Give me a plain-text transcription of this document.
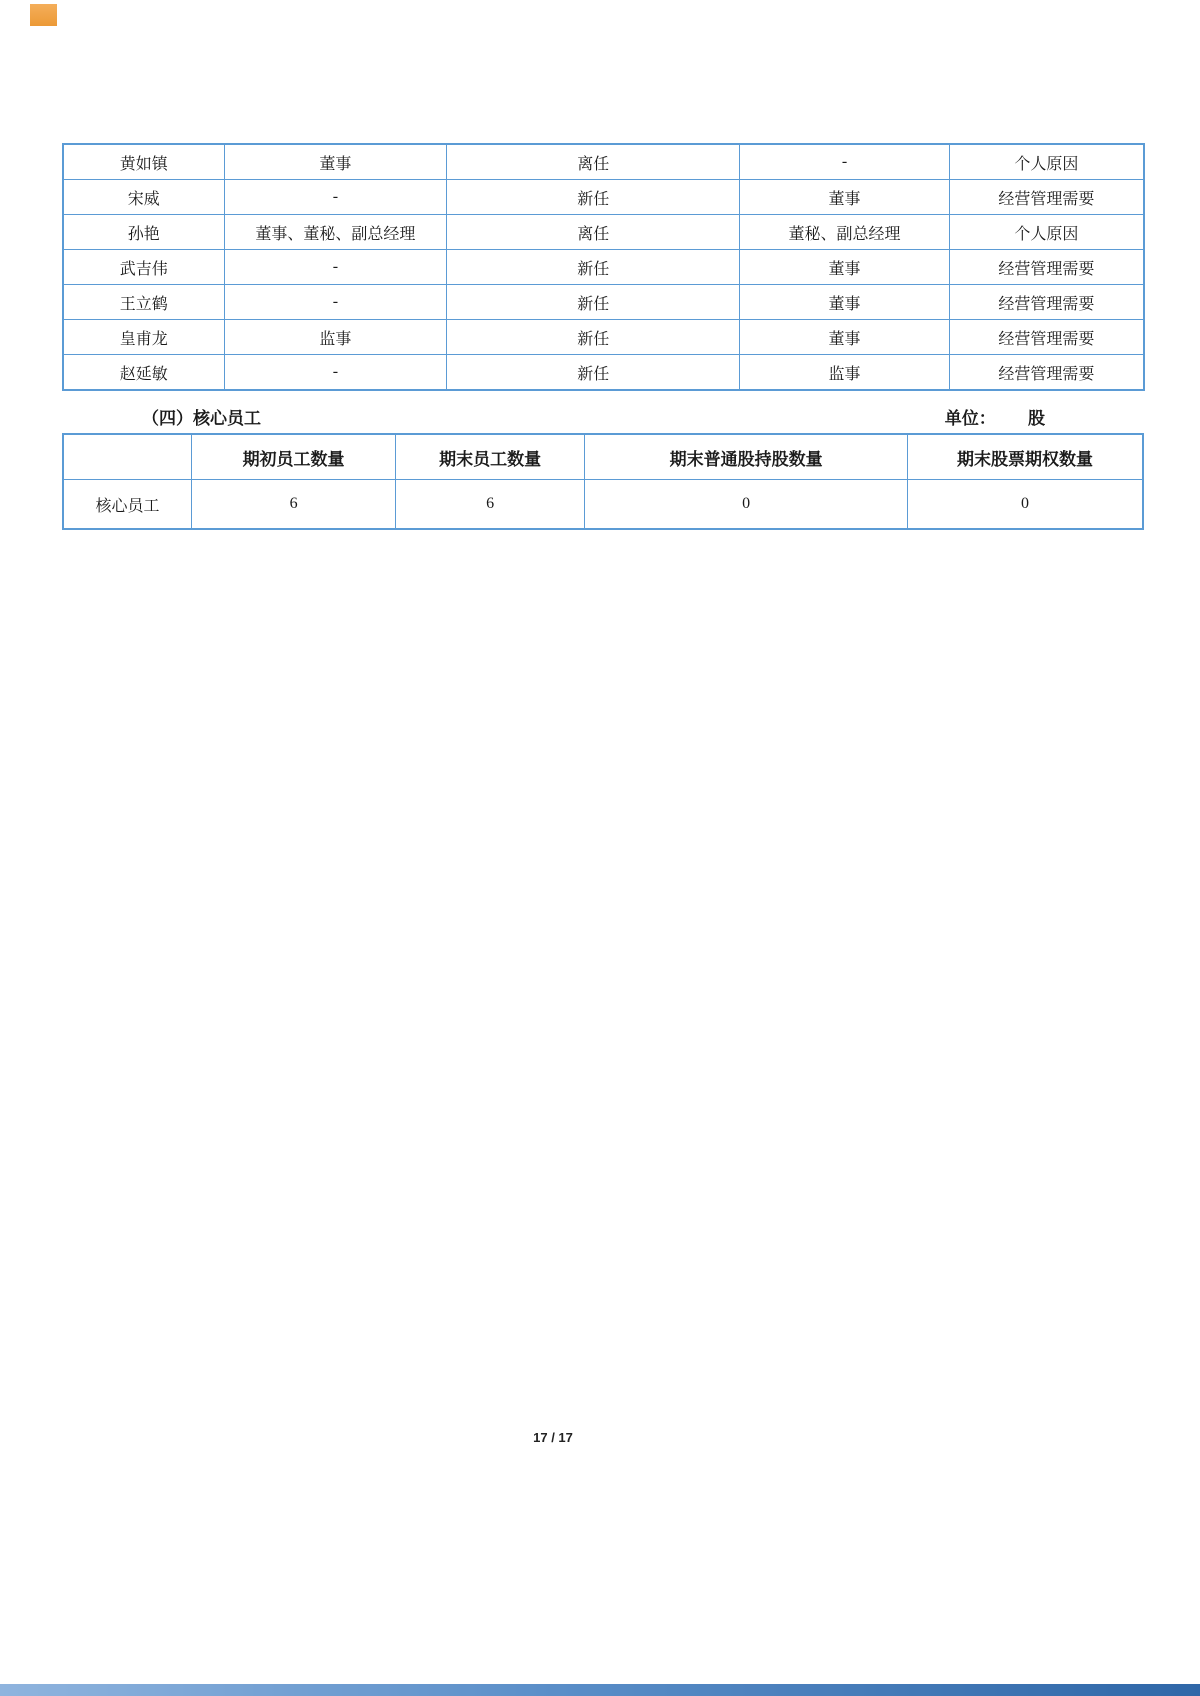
黄如镇	董事	离任	-	个人原因
宋威	-	新任	董事	经营管理需要
孙艳	董事、董秘、副总经理	离任	董秘、副总经理	个人原因
武吉伟	-	新任	董事	经营管理需要
王立鹤	-	新任	董事	经营管理需要
皇甫龙	监事	新任	董事	经营管理需要
赵延敏	-	新任	监事	经营管理需要
（四）核心员工	单位： 股
	期初员工数量	期末员工数量	期末普通股持股数量	期末股票期权数量
核心员工	6	6	0	0
17 / 17
